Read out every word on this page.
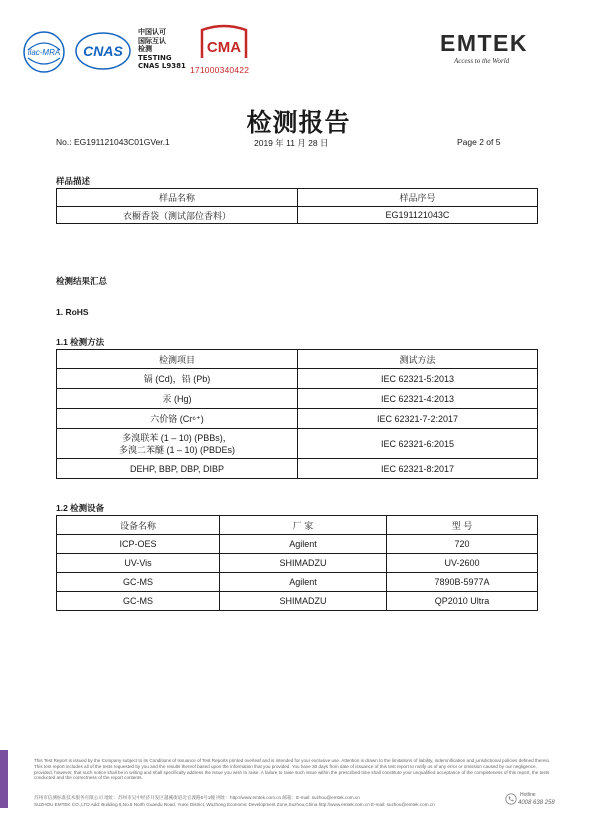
ilac-MRA CNAS
中国认可
国际互认
检测
TESTING
CNAS L9381
CMA
171000340422
EMTEK
Access to the World
检测报告
No.: EG191121043C01GVer.1	2019 年 11 月 28 日	Page 2 of 5
样品描述
样品名称	样品序号
衣橱香袋（测试部位香料）	EG191121043C
检测结果汇总
1. RoHS
1.1 检测方法
检测项目	测试方法
镉 (Cd)，铅 (Pb)	IEC 62321-5:2013
汞 (Hg)	IEC 62321-4:2013
六价铬 (Cr⁶⁺)	IEC 62321-7-2:2017
多溴联苯 (1 – 10) (PBBs)，
多溴二苯醚 (1 – 10) (PBDEs)	IEC 62321-6:2015
DEHP, BBP, DBP, DIBP	IEC 62321-8:2017
1.2 检测设备
设备名称	厂 家	型 号
ICP-OES	Agilent	720
UV-Vis	SHIMADZU	UV-2600
GC-MS	Agilent	7890B-5977A
GC-MS	SHIMADZU	QP2010 Ultra
This Test Report is issued by the Company subject to its Conditions of Issuance of Test Reports printed overleaf and is intended for your exclusive use. Attention is drawn to the limitations of liability, indemnification and jurisdictional policies defined therein. This test report includes all of the tests requested by you and the results thereof based upon the information that you provided. You have 30 days from date of issuance of this test report to notify us of any error or omission caused by our negligence, provided, however, that such notice shall be in writing and shall specifically address the issue you wish to raise. A failure to raise such issue within the prescribed time shall constitute your unqualified acceptance of the completeness of this report, the tests conducted and the correctness of the report contents.
苏州市信测标准技术服务有限公司 地址：苏州市吴中经济开发区越溪街道北官渡路5号1幢 网址：http://www.emtek.com.cn 邮箱：E-mail: suzhou@emtek.com.cn
SUZHOU EMTEK CO.,LTD Add: Building 5,No.5 North Guandu Road, Yuexi District, Wuzhong Economic Development Zone,Suzhou,China http://www.emtek.com.cn E-mail: suzhou@emtek.com.cn
Hotline
4008 638 258
